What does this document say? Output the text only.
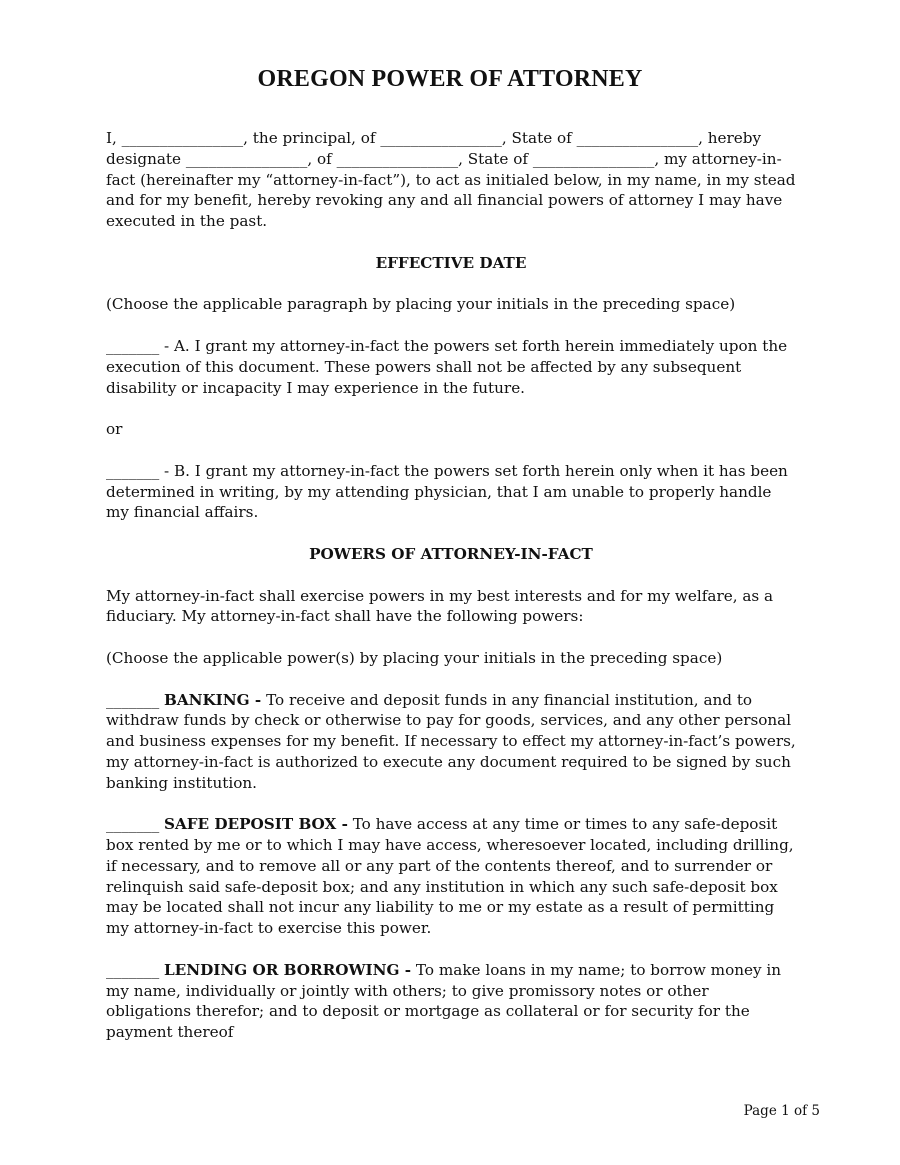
OREGON POWER OF ATTORNEY

I, ________________, the principal, of ________________, State of ________________, hereby designate ________________, of ________________, State of ________________, my attorney-in-fact (hereinafter my “attorney-in-fact”), to act as initialed below, in my name, in my stead and for my benefit, hereby revoking any and all financial powers of attorney I may have executed in the past.

EFFECTIVE DATE

(Choose the applicable paragraph by placing your initials in the preceding space)

_______ - A. I grant my attorney-in-fact the powers set forth herein immediately upon the execution of this document. These powers shall not be affected by any subsequent disability or incapacity I may experience in the future.

or

_______ - B. I grant my attorney-in-fact the powers set forth herein only when it has been determined in writing, by my attending physician, that I am unable to properly handle my financial affairs.

POWERS OF ATTORNEY-IN-FACT

My attorney-in-fact shall exercise powers in my best interests and for my welfare, as a fiduciary. My attorney-in-fact shall have the following powers:

(Choose the applicable power(s) by placing your initials in the preceding space)

_______ BANKING - To receive and deposit funds in any financial institution, and to withdraw funds by check or otherwise to pay for goods, services, and any other personal and business expenses for my benefit. If necessary to effect my attorney-in-fact’s powers, my attorney-in-fact is authorized to execute any document required to be signed by such banking institution.

_______ SAFE DEPOSIT BOX - To have access at any time or times to any safe-deposit box rented by me or to which I may have access, wheresoever located, including drilling, if necessary, and to remove all or any part of the contents thereof, and to surrender or relinquish said safe-deposit box; and any institution in which any such safe-deposit box may be located shall not incur any liability to me or my estate as a result of permitting my attorney-in-fact to exercise this power.

_______ LENDING OR BORROWING - To make loans in my name; to borrow money in my name, individually or jointly with others; to give promissory notes or other obligations therefor; and to deposit or mortgage as collateral or for security for the payment thereof

Page 1 of 5
